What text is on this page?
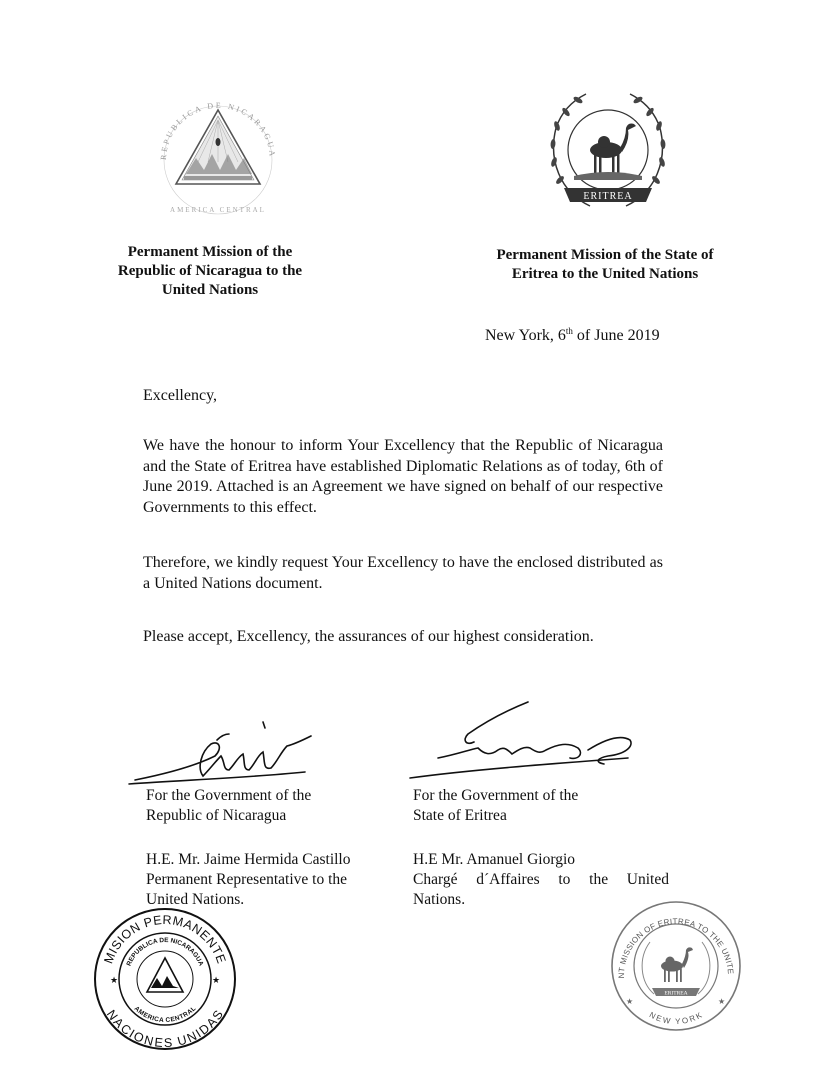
REPUBLICA DE NICARAGUA
AMERICA CENTRAL
ERITREA
Permanent Mission of the
Republic of Nicaragua to the
United Nations
Permanent Mission of the State of
Eritrea to the United Nations
New York, 6th of June 2019
Excellency,
We have the honour to inform Your Excellency that the Republic of Nicaragua and the State of Eritrea have established Diplomatic Relations as of today, 6th of June 2019. Attached is an Agreement we have signed on behalf of our respective Governments to this effect.
Therefore, we kindly request Your Excellency to have the enclosed distributed as a United Nations document.
Please accept, Excellency, the assurances of our highest consideration.
For the Government of the
Republic of Nicaragua
H.E. Mr. Jaime Hermida Castillo
Permanent Representative to the
United Nations.
For the Government of the
State of Eritrea
H.E Mr. Amanuel Giorgio
Chargé d´Affaires to the United
Nations.
MISION PERMANENTE
NACIONES UNIDAS
REPUBLICA DE NICARAGUA
AMERICA CENTRAL
★	★
PERMANENT MISSION OF ERITREA TO THE UNITED NATIONS
NEW YORK
ERITREA
★	★
